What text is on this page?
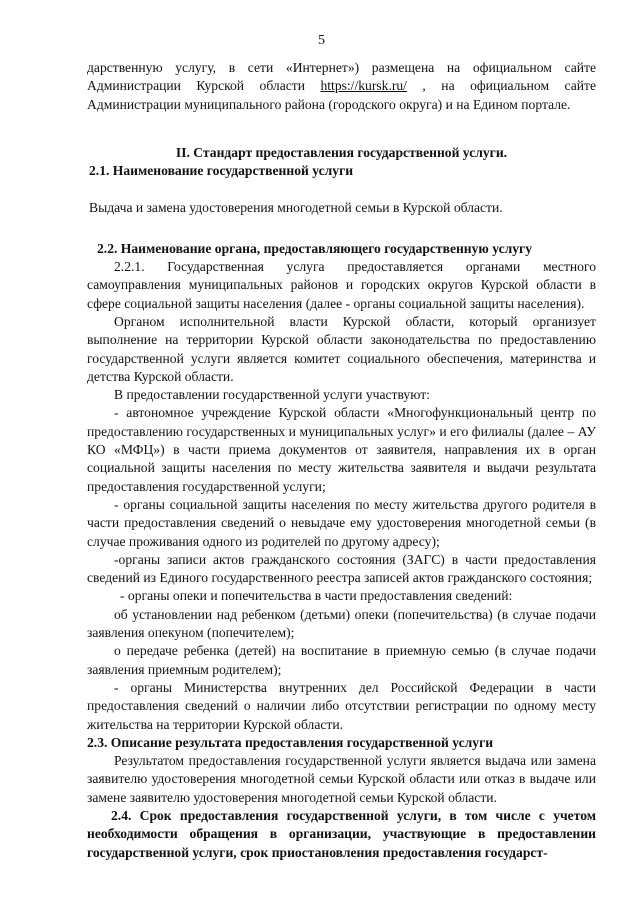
5

дарственную услугу, в сети «Интернет») размещена на официальном сайте Администрации Курской области https://kursk.ru/ , на официальном сайте Администрации муниципального района (городского округа) и на Едином портале.

II. Стандарт предоставления государственной услуги.

2.1. Наименование государственной услуги

Выдача и замена удостоверения многодетной семьи в Курской области.

2.2. Наименование органа, предоставляющего государственную услугу

2.2.1. Государственная услуга предоставляется органами местного самоуправления муниципальных районов и городских округов Курской области в сфере социальной защиты населения (далее - органы социальной защиты населения).

Органом исполнительной власти Курской области, который организует выполнение на территории Курской области законодательства по предоставлению государственной услуги является комитет социального обеспечения, материнства и детства Курской области.

В предоставлении государственной услуги участвуют:

- автономное учреждение Курской области «Многофункциональный центр по предоставлению государственных и муниципальных услуг» и его филиалы (далее – АУ КО «МФЦ») в части приема документов от заявителя, направления их в орган социальной защиты населения по месту жительства заявителя и выдачи результата предоставления государственной услуги;

- органы социальной защиты населения по месту жительства другого родителя в части предоставления сведений о невыдаче ему удостоверения многодетной семьи (в случае проживания одного из родителей по другому адресу);

-органы записи актов гражданского состояния (ЗАГС) в части предоставления сведений из Единого государственного реестра записей актов гражданского состояния;

- органы опеки и попечительства в части предоставления сведений:

об установлении над ребенком (детьми) опеки (попечительства) (в случае подачи заявления опекуном (попечителем);

о передаче ребенка (детей) на воспитание в приемную семью (в случае подачи заявления приемным родителем);

- органы Министерства внутренних дел Российской Федерации в части предоставления сведений о наличии либо отсутствии регистрации по одному месту жительства на территории Курской области.

2.3. Описание результата предоставления государственной услуги

Результатом предоставления государственной услуги является выдача или замена заявителю удостоверения многодетной семьи Курской области или отказ в выдаче или замене заявителю удостоверения многодетной семьи Курской области.

2.4. Срок предоставления государственной услуги, в том числе с учетом необходимости обращения в организации, участвующие в предоставлении государственной услуги, срок приостановления предоставления государст-
